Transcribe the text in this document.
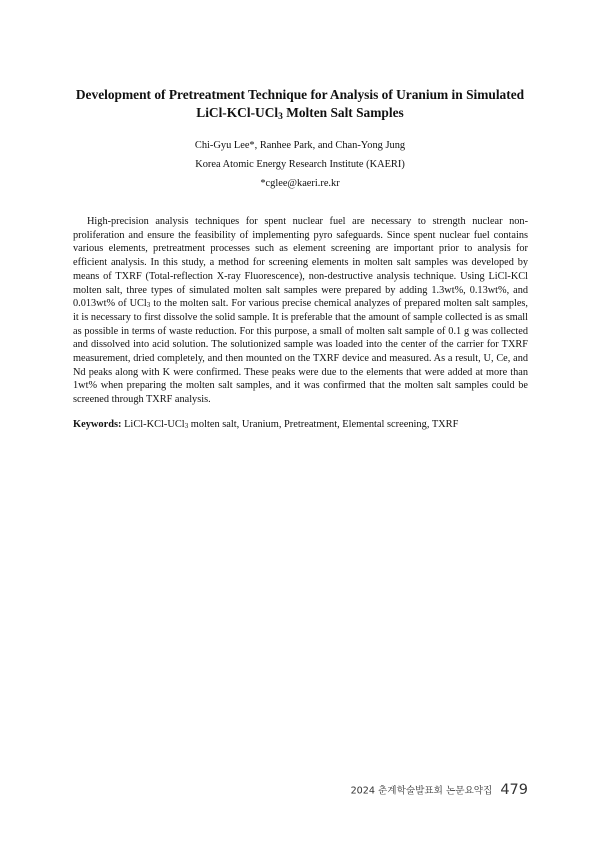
Development of Pretreatment Technique for Analysis of Uranium in Simulated
LiCl-KCl-UCl$_3$ Molten Salt Samples
Chi-Gyu Lee*, Ranhee Park, and Chan-Yong Jung
Korea Atomic Energy Research Institute (KAERI)
*cglee@kaeri.re.kr

High-precision analysis techniques for spent nuclear fuel are necessary to strength nuclear non-proliferation and ensure the feasibility of implementing pyro safeguards. Since spent nuclear fuel contains various elements, pretreatment processes such as element screening are important prior to analysis for efficient analysis. In this study, a method for screening elements in molten salt samples was developed by means of TXRF (Total-reflection X-ray Fluorescence), non-destructive analysis technique. Using LiCl-KCl molten salt, three types of simulated molten salt samples were prepared by adding 1.3wt%, 0.13wt%, and 0.013wt% of UCl$_3$ to the molten salt. For various precise chemical analyzes of prepared molten salt samples, it is necessary to first dissolve the solid sample. It is preferable that the amount of sample collected is as small as possible in terms of waste reduction. For this purpose, a small of molten salt sample of 0.1 g was collected and dissolved into acid solution. The solutionized sample was loaded into the center of the carrier for TXRF measurement, dried completely, and then mounted on the TXRF device and measured. As a result, U, Ce, and Nd peaks along with K were confirmed. These peaks were due to the elements that were added at more than 1wt% when preparing the molten salt samples, and it was confirmed that the molten salt samples could be screened through TXRF analysis.

Keywords: LiCl-KCl-UCl$_3$ molten salt, Uranium, Pretreatment, Elemental screening, TXRF

2024 춘계학술발표회 논문요약집 479
